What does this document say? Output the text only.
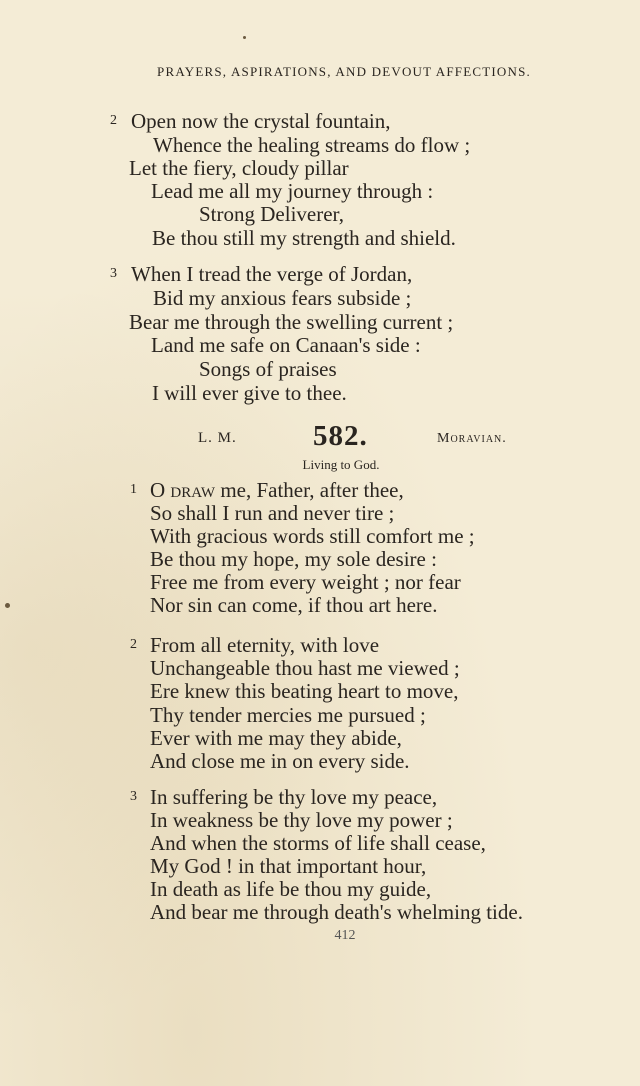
PRAYERS, ASPIRATIONS, AND DEVOUT AFFECTIONS.
2 Open now the crystal fountain,
Whence the healing streams do flow ;
Let the fiery, cloudy pillar
Lead me all my journey through :
Strong Deliverer,
Be thou still my strength and shield.
3 When I tread the verge of Jordan,
Bid my anxious fears subside ;
Bear me through the swelling current ;
Land me safe on Canaan's side :
Songs of praises
I will ever give to thee.
L. M.	582.	Moravian.
Living to God.
1 O draw me, Father, after thee,
So shall I run and never tire ;
With gracious words still comfort me ;
Be thou my hope, my sole desire :
Free me from every weight ; nor fear
Nor sin can come, if thou art here.
2 From all eternity, with love
Unchangeable thou hast me viewed ;
Ere knew this beating heart to move,
Thy tender mercies me pursued ;
Ever with me may they abide,
And close me in on every side.
3 In suffering be thy love my peace,
In weakness be thy love my power ;
And when the storms of life shall cease,
My God ! in that important hour,
In death as life be thou my guide,
And bear me through death's whelming tide.
412
